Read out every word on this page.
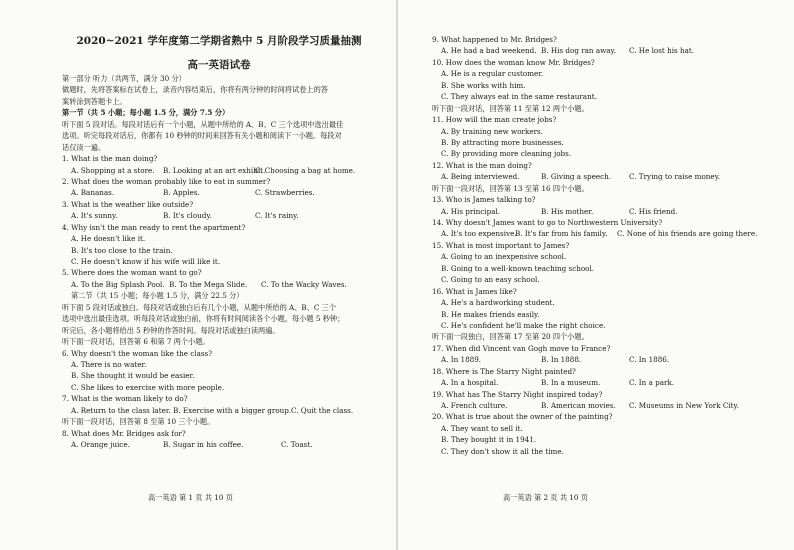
2020~2021 学年度第二学期省熟中 5 月阶段学习质量抽测
高一英语试卷
第一部分 听力（共两节，满分 30 分）
做题时，先将答案标在试卷上，录音内容结束后，你将有两分钟的时间将试卷上的答
案转涂到答题卡上。
第一节（共 5 小题；每小题 1.5 分，满分 7.5 分）
听下面 5 段对话。每段对话后有一个小题，从题中所给的 A、B、C 三个选项中选出最佳
选项。听完每段对话后，你都有 10 秒钟的时间来回答有关小题和阅读下一小题。每段对
话仅读一遍。
1. What is the man doing?
A. Shopping at a store.	B. Looking at an art exhibit.
C. Choosing a bag at home.
2. What does the woman probably like to eat in summer?
A. Bananas.	B. Apples.	C. Strawberries.
3. What is the weather like outside?
A. It's sunny.	B. It's cloudy.	C. It's rainy.
4. Why isn't the man ready to rent the apartment?
A. He doesn't like it.
B. It's too close to the train.
C. He doesn't know if his wife will like it.
5. Where does the woman want to go?
A. To the Big Splash Pool. B. To the Mega Slide.	C. To the Wacky Waves.
第二节（共 15 小题；每小题 1.5 分，满分 22.5 分）
听下面 5 段对话或独白。每段对话或独白后有几个小题，从题中所给的 A、B、C 三个
选项中选出最佳选项。听每段对话或独白前，你将有时间阅读各个小题，每小题 5 秒钟；
听完后，各小题将给出 5 秒钟的作答时间。每段对话或独白读两遍。
听下面一段对话，回答第 6 和第 7 两个小题。
6. Why doesn't the woman like the class?
A. There is no water.
B. She thought it would be easier.
C. She likes to exercise with more people.
7. What is the woman likely to do?
A. Return to the class later. B. Exercise with a bigger group. C. Quit the class.
听下面一段对话，回答第 8 至第 10 三个小题。
8. What does Mr. Bridges ask for?
A. Orange juice.	B. Sugar in his coffee.	C. Toast.
高一英语 第 1 页 共 10 页
9. What happened to Mr. Bridges?
A. He had a bad weekend. B. His dog ran away.	C. He lost his hat.
10. How does the woman know Mr. Bridges?
A. He is a regular customer.
B. She works with him.
C. They always eat in the same restaurant.
听下面一段对话，回答第 11 至第 12 两个小题。
11. How will the man create jobs?
A. By training new workers.
B. By attracting more businesses.
C. By providing more cleaning jobs.
12. What is the man doing?
A. Being interviewed.	B. Giving a speech.	C. Trying to raise money.
听下面一段对话，回答第 13 至第 16 四个小题。
13. Who is James talking to?
A. His principal.	B. His mother.	C. His friend.
14. Why doesn't James want to go to Northwestern University?
A. It's too expensive.
B. It's far from his family.	C. None of his friends are going there.
15. What is most important to James?
A. Going to an inexpensive school.
B. Going to a well-known teaching school.
C. Going to an easy school.
16. What is James like?
A. He's a hardworking student.
B. He makes friends easily.
C. He's confident he'll make the right choice.
听下面一段独白，回答第 17 至第 20 四个小题。
17. When did Vincent van Gogh move to France?
A. In 1889.	B. In 1888.	C. In 1886.
18. Where is The Starry Night painted?
A. In a hospital.	B. In a museum.	C. In a park.
19. What has The Starry Night inspired today?
A. French culture.	B. American movies.	C. Museums in New York City.
20. What is true about the owner of the painting?
A. They want to sell it.
B. They bought it in 1941.
C. They don't show it all the time.
高一英语 第 2 页 共 10 页
